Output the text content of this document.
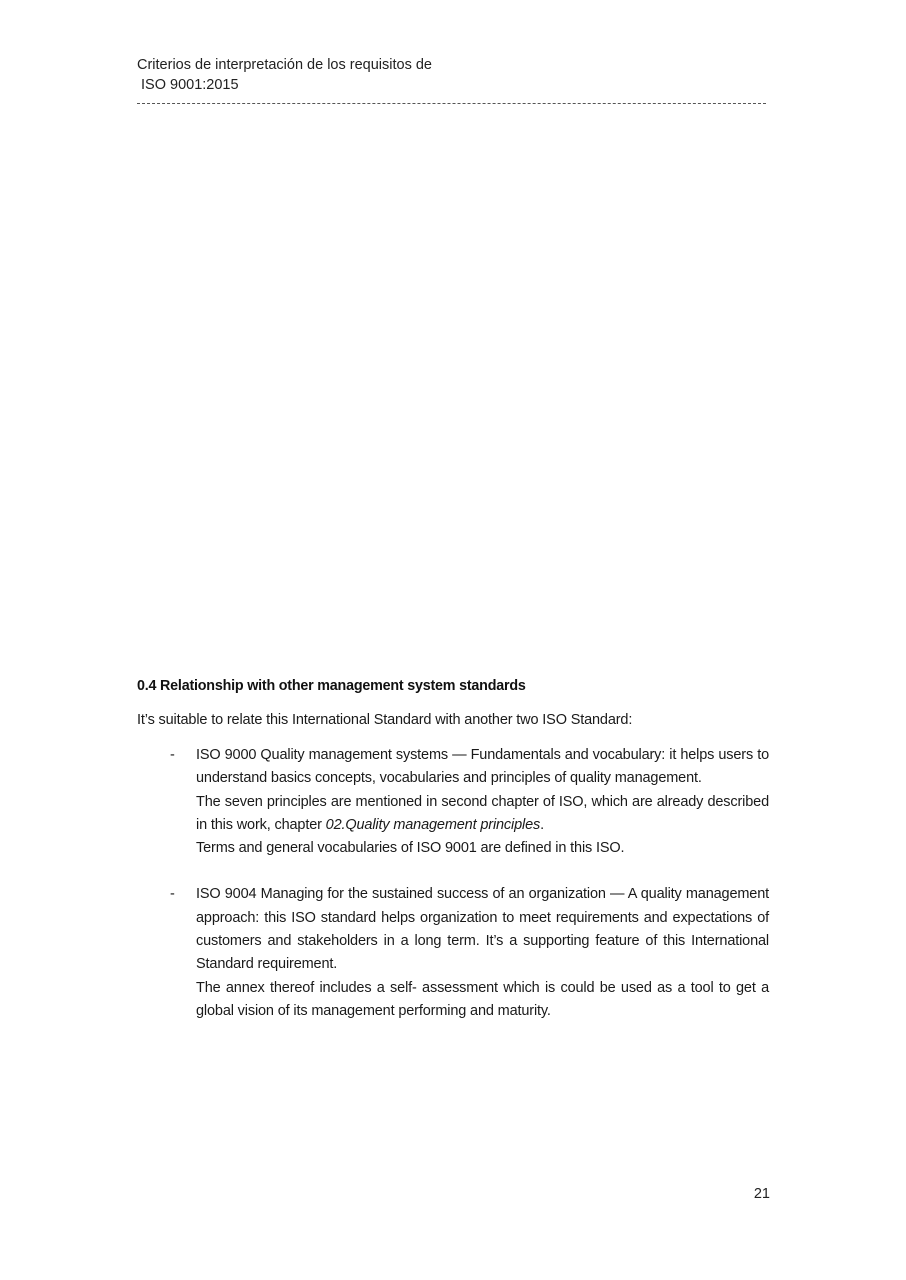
Criterios de interpretación de los requisitos de
ISO 9001:2015
0.4 Relationship with other management system standards

It’s suitable to relate this International Standard with another two ISO Standard:

- ISO 9000 Quality management systems — Fundamentals and vocabulary: it helps users to understand basics concepts, vocabularies and principles of quality management.
The seven principles are mentioned in second chapter of ISO, which are already described in this work, chapter 02.Quality management principles.
Terms and general vocabularies of ISO 9001 are defined in this ISO.
- ISO 9004 Managing for the sustained success of an organization — A quality management approach: this ISO standard helps organization to meet requirements and expectations of customers and stakeholders in a long term. It’s a supporting feature of this International Standard requirement.
The annex thereof includes a self- assessment which is could be used as a tool to get a global vision of its management performing and maturity.
21
